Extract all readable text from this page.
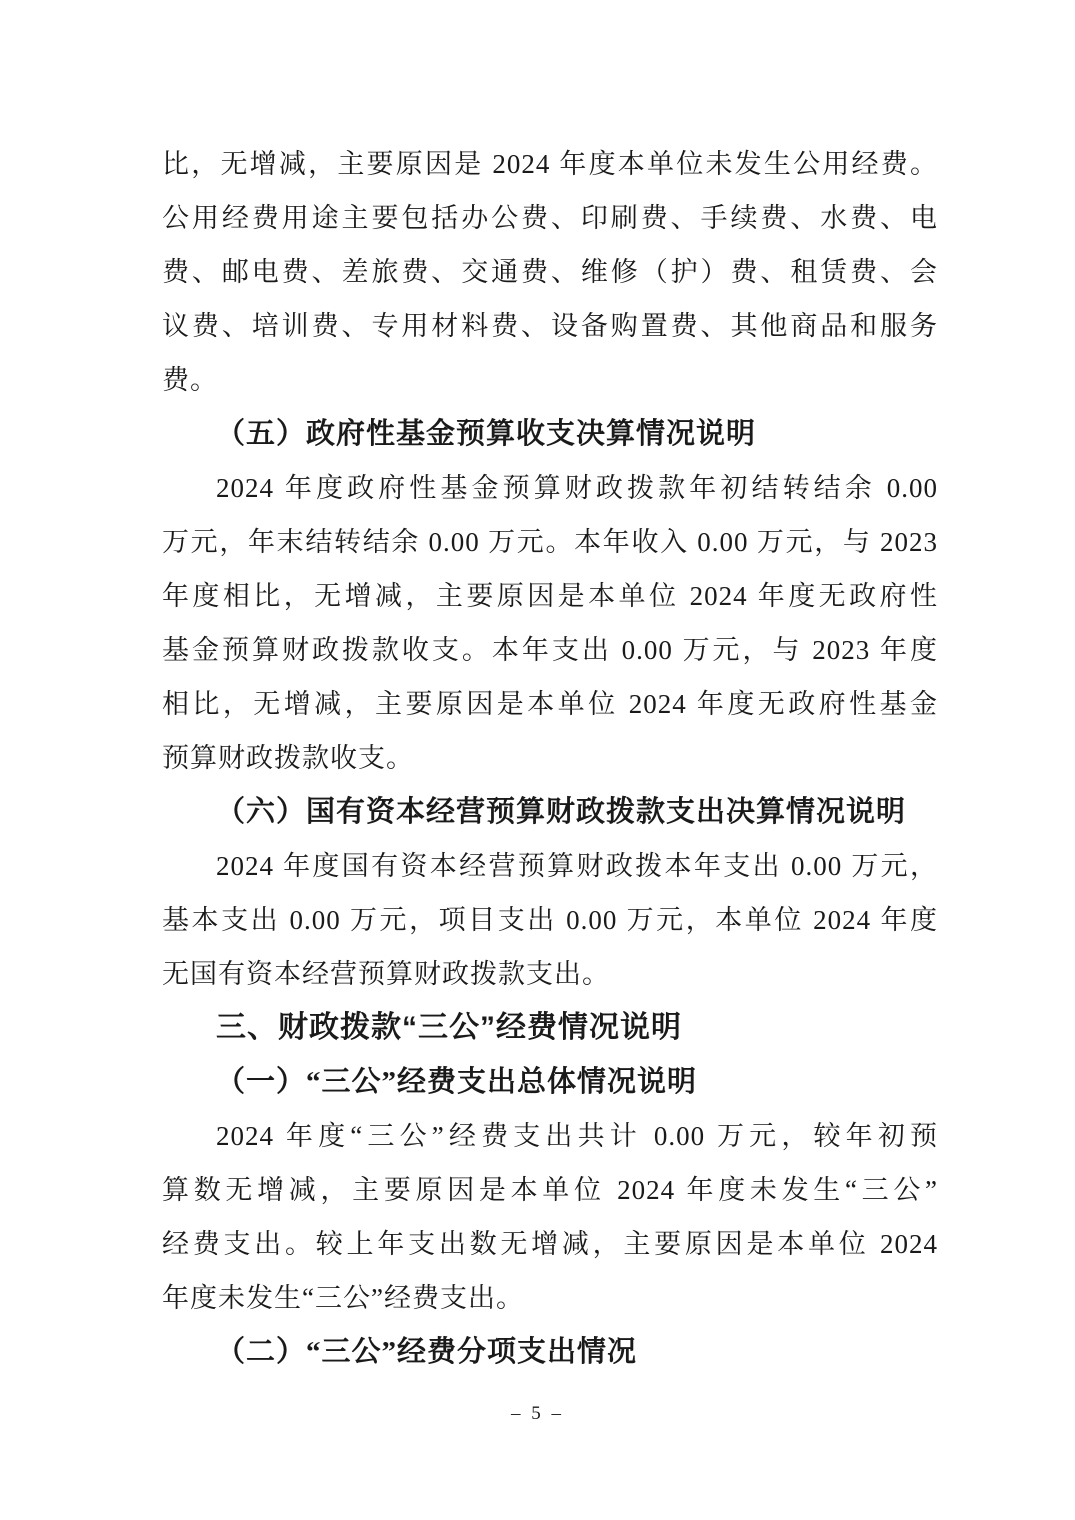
比，无增减，主要原因是 2024 年度本单位未发生公用经费。
公用经费用途主要包括办公费、印刷费、手续费、水费、电
费、邮电费、差旅费、交通费、维修（护）费、租赁费、会
议费、培训费、专用材料费、设备购置费、其他商品和服务
费。
（五）政府性基金预算收支决算情况说明
2024 年度政府性基金预算财政拨款年初结转结余 0.00
万元，年末结转结余 0.00 万元。本年收入 0.00 万元，与 2023
年度相比，无增减，主要原因是本单位 2024 年度无政府性
基金预算财政拨款收支。本年支出 0.00 万元，与 2023 年度
相比，无增减，主要原因是本单位 2024 年度无政府性基金
预算财政拨款收支。
（六）国有资本经营预算财政拨款支出决算情况说明
2024 年度国有资本经营预算财政拨本年支出 0.00 万元，
基本支出 0.00 万元，项目支出 0.00 万元，本单位 2024 年度
无国有资本经营预算财政拨款支出。
三、财政拨款“三公”经费情况说明
（一）“三公”经费支出总体情况说明
2024 年度“三公”经费支出共计 0.00 万元，较年初预
算数无增减，主要原因是本单位 2024 年度未发生“三公”
经费支出。较上年支出数无增减，主要原因是本单位 2024
年度未发生“三公”经费支出。
（二）“三公”经费分项支出情况
– 5 –
